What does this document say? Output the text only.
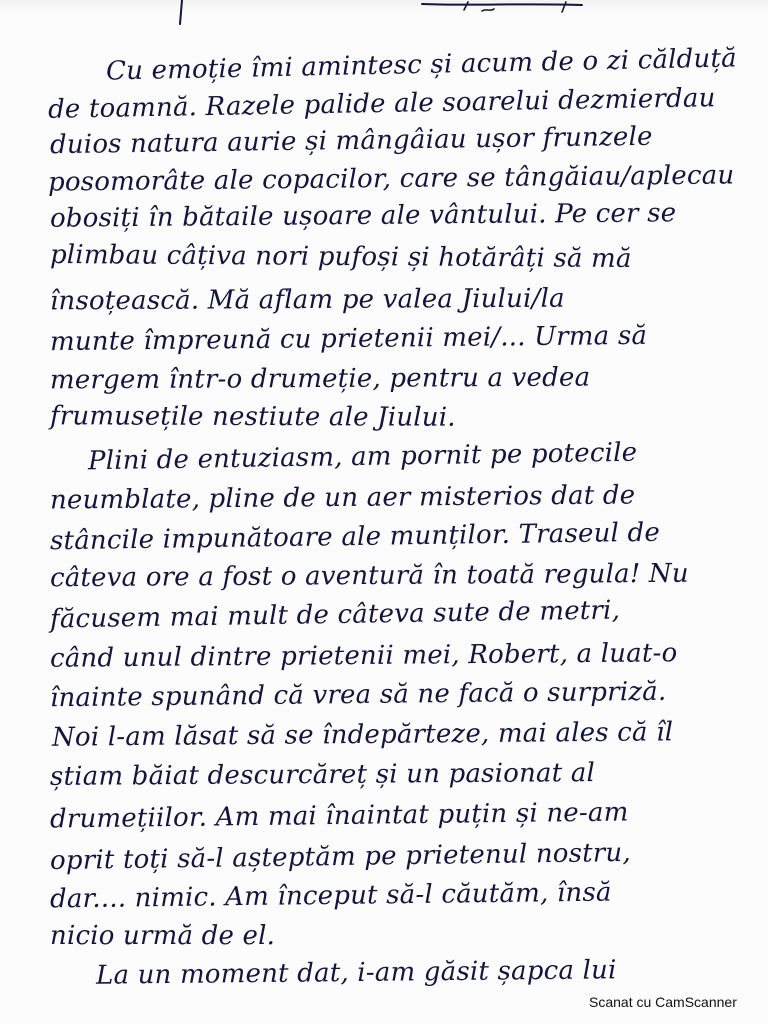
Cu emoție îmi amintesc și acum de o zi călduță
de toamnă. Razele palide ale soarelui dezmierdau
duios natura aurie și mângâiau ușor frunzele
posomorâte ale copacilor, care se tângăiau/aplecau
obosiți în bătaile ușoare ale vântului. Pe cer se
plimbau câțiva nori pufoși și hotărâți să mă
însoțească. Mă aflam pe valea Jiului/la
munte împreună cu prietenii mei/... Urma să
mergem într-o drumeție, pentru a vedea
frumusețile nestiute ale Jiului.
Plini de entuziasm, am pornit pe potecile
neumblate, pline de un aer misterios dat de
stâncile impunătoare ale munților. Traseul de
câteva ore a fost o aventură în toată regula! Nu
făcusem mai mult de câteva sute de metri,
când unul dintre prietenii mei, Robert, a luat-o
înainte spunând că vrea să ne facă o surpriză.
Noi l-am lăsat să se îndepărteze, mai ales că îl
știam băiat descurcăreț și un pasionat al
drumețiilor. Am mai înaintat puțin și ne-am
oprit toți să-l așteptăm pe prietenul nostru,
dar.... nimic. Am început să-l căutăm, însă
nicio urmă de el.
La un moment dat, i-am găsit șapca lui
Scanat cu CamScanner
